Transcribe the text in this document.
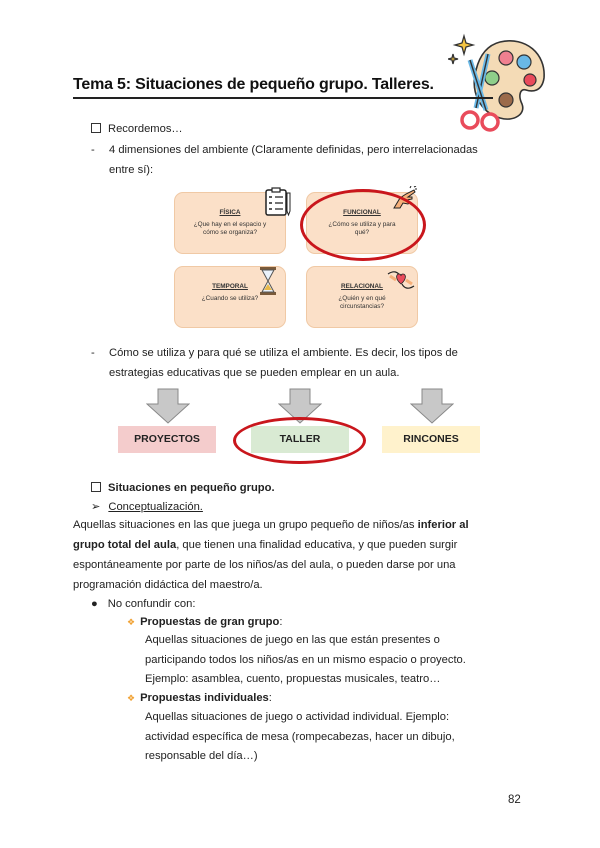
Tema 5: Situaciones de pequeño grupo. Talleres.
Recordemos…
- 4 dimensiones del ambiente (Claramente definidas, pero interrelacionadas
entre sí):
FÍSICA
¿Que hay en el espacio y
cómo se organiza?
FUNCIONAL
¿Cómo se utiliza y para
qué?
TEMPORAL
¿Cuando se utiliza?
RELACIONAL
¿Quién y en qué
circunstancias?
- Cómo se utiliza y para qué se utiliza el ambiente. Es decir, los tipos de
estrategias educativas que se pueden emplear en un aula.
PROYECTOS	TALLER	RINCONES
Situaciones en pequeño grupo.
➢ Conceptualización.
Aquellas situaciones en las que juega un grupo pequeño de niños/as inferior al
grupo total del aula, que tienen una finalidad educativa, y que pueden surgir
espontáneamente por parte de los niños/as del aula, o pueden darse por una
programación didáctica del maestro/a.
● No confundir con:
❖ Propuestas de gran grupo:
Aquellas situaciones de juego en las que están presentes o
participando todos los niños/as en un mismo espacio o proyecto.
Ejemplo: asamblea, cuento, propuestas musicales, teatro…
❖ Propuestas individuales:
Aquellas situaciones de juego o actividad individual. Ejemplo:
actividad específica de mesa (rompecabezas, hacer un dibujo,
responsable del día…)
82
